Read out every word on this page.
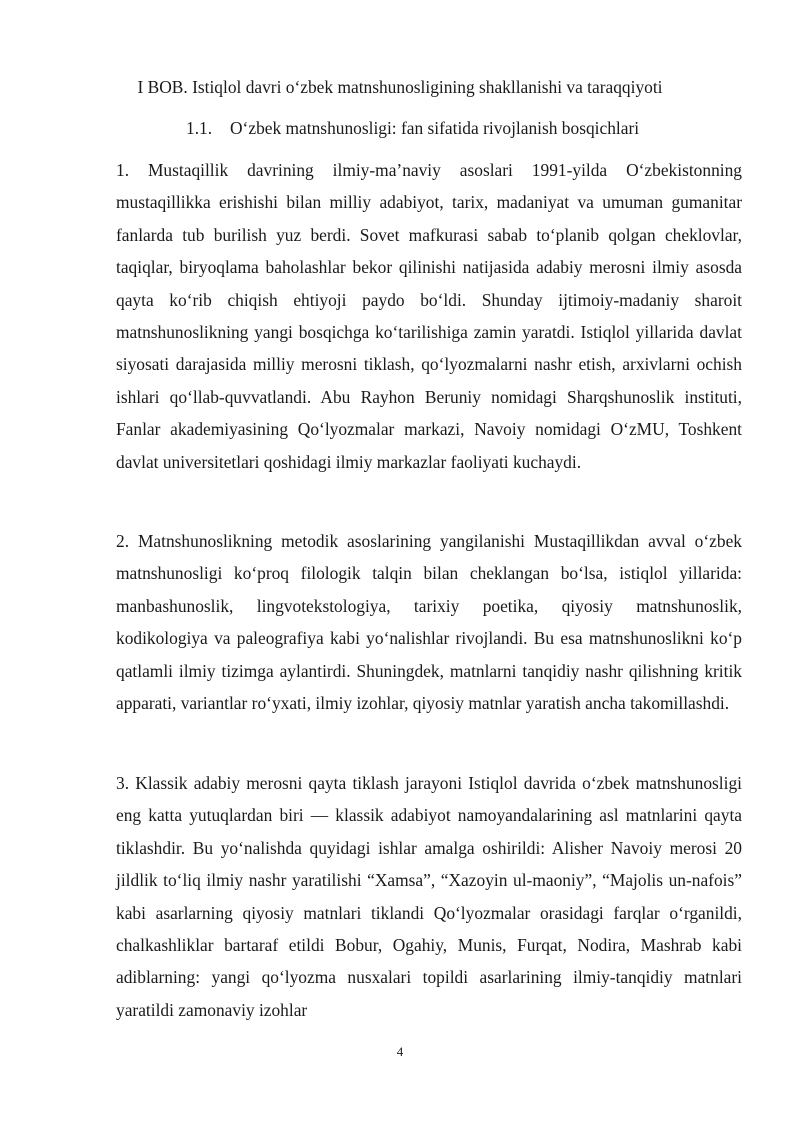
I BOB. Istiqlol davri o‘zbek matnshunosligining shakllanishi va taraqqiyoti
1.1. O‘zbek matnshunosligi: fan sifatida rivojlanish bosqichlari

1. Mustaqillik davrining ilmiy-ma’naviy asoslari 1991-yilda O‘zbekistonning mustaqillikka erishishi bilan milliy adabiyot, tarix, madaniyat va umuman gumanitar fanlarda tub burilish yuz berdi. Sovet mafkurasi sabab to‘planib qolgan cheklovlar, taqiqlar, biryoqlama baholashlar bekor qilinishi natijasida adabiy merosni ilmiy asosda qayta ko‘rib chiqish ehtiyoji paydo bo‘ldi. Shunday ijtimoiy-madaniy sharoit matnshunoslikning yangi bosqichga ko‘tarilishiga zamin yaratdi. Istiqlol yillarida davlat siyosati darajasida milliy merosni tiklash, qo‘lyozmalarni nashr etish, arxivlarni ochish ishlari qo‘llab-quvvatlandi. Abu Rayhon Beruniy nomidagi Sharqshunoslik instituti, Fanlar akademiyasining Qo‘lyozmalar markazi, Navoiy nomidagi O‘zMU, Toshkent davlat universitetlari qoshidagi ilmiy markazlar faoliyati kuchaydi.

2. Matnshunoslikning metodik asoslarining yangilanishi Mustaqillikdan avval o‘zbek matnshunosligi ko‘proq filologik talqin bilan cheklangan bo‘lsa, istiqlol yillarida: manbashunoslik, lingvotekstologiya, tarixiy poetika, qiyosiy matnshunoslik, kodikologiya va paleografiya kabi yo‘nalishlar rivojlandi. Bu esa matnshunoslikni ko‘p qatlamli ilmiy tizimga aylantirdi. Shuningdek, matnlarni tanqidiy nashr qilishning kritik apparati, variantlar ro‘yxati, ilmiy izohlar, qiyosiy matnlar yaratish ancha takomillashdi.

3. Klassik adabiy merosni qayta tiklash jarayoni Istiqlol davrida o‘zbek matnshunosligi eng katta yutuqlardan biri — klassik adabiyot namoyandalarining asl matnlarini qayta tiklashdir. Bu yo‘nalishda quyidagi ishlar amalga oshirildi: Alisher Navoiy merosi 20 jildlik to‘liq ilmiy nashr yaratilishi “Xamsa”, “Xazoyin ul-maoniy”, “Majolis un-nafois” kabi asarlarning qiyosiy matnlari tiklandi Qo‘lyozmalar orasidagi farqlar o‘rganildi, chalkashliklar bartaraf etildi Bobur, Ogahiy, Munis, Furqat, Nodira, Mashrab kabi adiblarning: yangi qo‘lyozma nusxalari topildi asarlarining ilmiy-tanqidiy matnlari yaratildi zamonaviy izohlar

4
